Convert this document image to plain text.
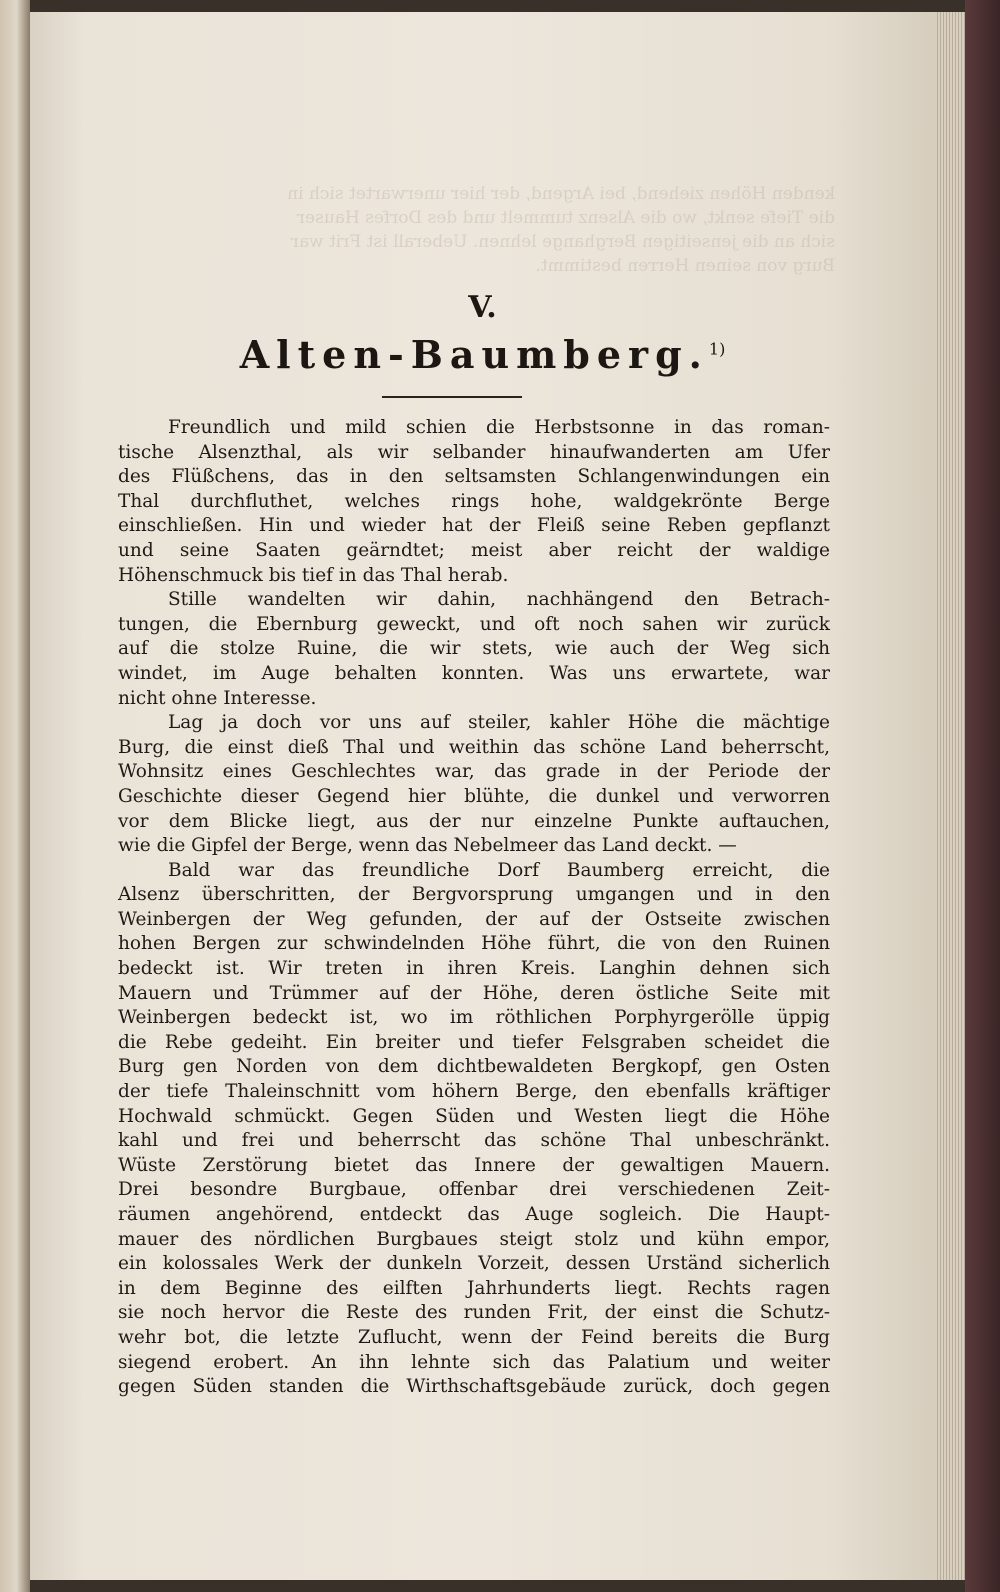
kenden Höhen ziehend, bei Argend, der hier unerwartet sich in
die Tiefe senkt, wo die Alsenz tummelt und des Dorfes Hauser
sich an die jenseitigen Berghange lehnen. Ueberall ist Frit war
Burg von seinen Herren bestimmt.
V.
Alten-Baumberg.$^{1)}$
Freundlich und mild schien die Herbstsonne in das roman-
tische Alsenzthal, als wir selbander hinaufwanderten am Ufer
des Flüßchens, das in den seltsamsten Schlangenwindungen ein
Thal durchfluthet, welches rings hohe, waldgekrönte Berge
einschließen. Hin und wieder hat der Fleiß seine Reben gepflanzt
und seine Saaten geärndtet; meist aber reicht der waldige
Höhenschmuck bis tief in das Thal herab.
Stille wandelten wir dahin, nachhängend den Betrach-
tungen, die Ebernburg geweckt, und oft noch sahen wir zurück
auf die stolze Ruine, die wir stets, wie auch der Weg sich
windet, im Auge behalten konnten. Was uns erwartete, war
nicht ohne Interesse.
Lag ja doch vor uns auf steiler, kahler Höhe die mächtige
Burg, die einst dieß Thal und weithin das schöne Land beherrscht,
Wohnsitz eines Geschlechtes war, das grade in der Periode der
Geschichte dieser Gegend hier blühte, die dunkel und verworren
vor dem Blicke liegt, aus der nur einzelne Punkte auftauchen,
wie die Gipfel der Berge, wenn das Nebelmeer das Land deckt. —
Bald war das freundliche Dorf Baumberg erreicht, die
Alsenz überschritten, der Bergvorsprung umgangen und in den
Weinbergen der Weg gefunden, der auf der Ostseite zwischen
hohen Bergen zur schwindelnden Höhe führt, die von den Ruinen
bedeckt ist. Wir treten in ihren Kreis. Langhin dehnen sich
Mauern und Trümmer auf der Höhe, deren östliche Seite mit
Weinbergen bedeckt ist, wo im röthlichen Porphyrgerölle üppig
die Rebe gedeiht. Ein breiter und tiefer Felsgraben scheidet die
Burg gen Norden von dem dichtbewaldeten Bergkopf, gen Osten
der tiefe Thaleinschnitt vom höhern Berge, den ebenfalls kräftiger
Hochwald schmückt. Gegen Süden und Westen liegt die Höhe
kahl und frei und beherrscht das schöne Thal unbeschränkt.
Wüste Zerstörung bietet das Innere der gewaltigen Mauern.
Drei besondre Burgbaue, offenbar drei verschiedenen Zeit-
räumen angehörend, entdeckt das Auge sogleich. Die Haupt-
mauer des nördlichen Burgbaues steigt stolz und kühn empor,
ein kolossales Werk der dunkeln Vorzeit, dessen Urständ sicherlich
in dem Beginne des eilften Jahrhunderts liegt. Rechts ragen
sie noch hervor die Reste des runden Frit, der einst die Schutz-
wehr bot, die letzte Zuflucht, wenn der Feind bereits die Burg
siegend erobert. An ihn lehnte sich das Palatium und weiter
gegen Süden standen die Wirthschaftsgebäude zurück, doch gegen
